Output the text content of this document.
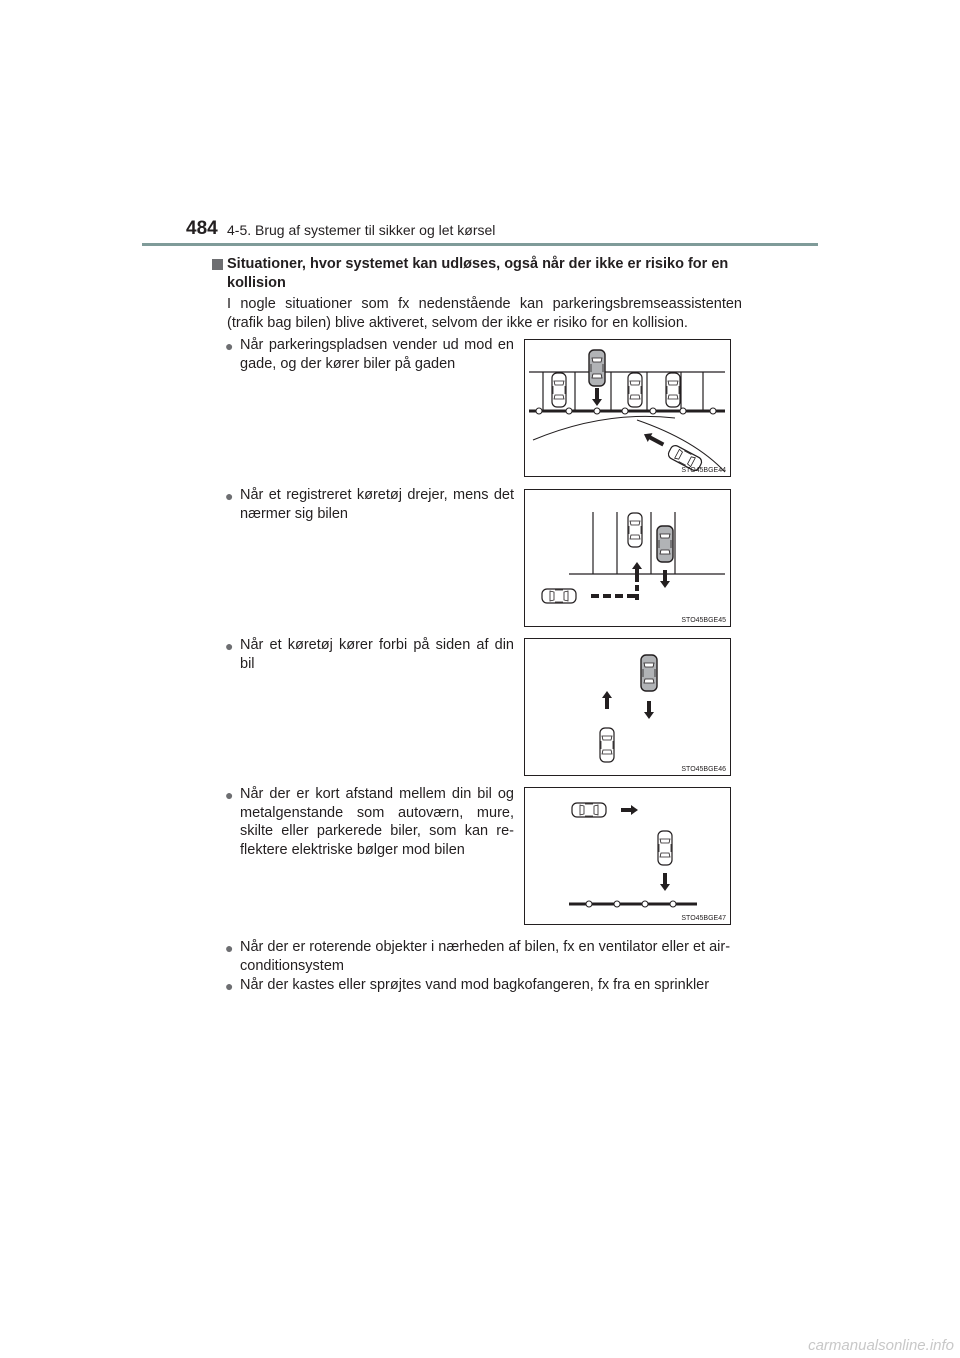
484 4-5. Brug af systemer til sikker og let kørsel
Situationer, hvor systemet kan udløses, også når der ikke er risiko for en kollision
I nogle situationer som fx nedenstående kan parkeringsbremseassistenten (trafik bag bilen) blive aktiveret, selvom der ikke er risiko for en kollision.
● Når parkeringspladsen vender ud mod en gade, og der kører biler på gaden
● Når et registreret køretøj drejer, mens det nærmer sig bilen
● Når et køretøj kører forbi på siden af din bil
● Når der er kort afstand mellem din bil og metalgenstande som autoværn, mure, skilte eller parkerede biler, som kan re-flektere elektriske bølger mod bilen
● Når der er roterende objekter i nærheden af bilen, fx en ventilator eller et air-conditionsystem
● Når der kastes eller sprøjtes vand mod bagkofangeren, fx fra en sprinkler
STO45BGE44
STO45BGE45
STO45BGE46
STO45BGE47
carmanualsonline.info
